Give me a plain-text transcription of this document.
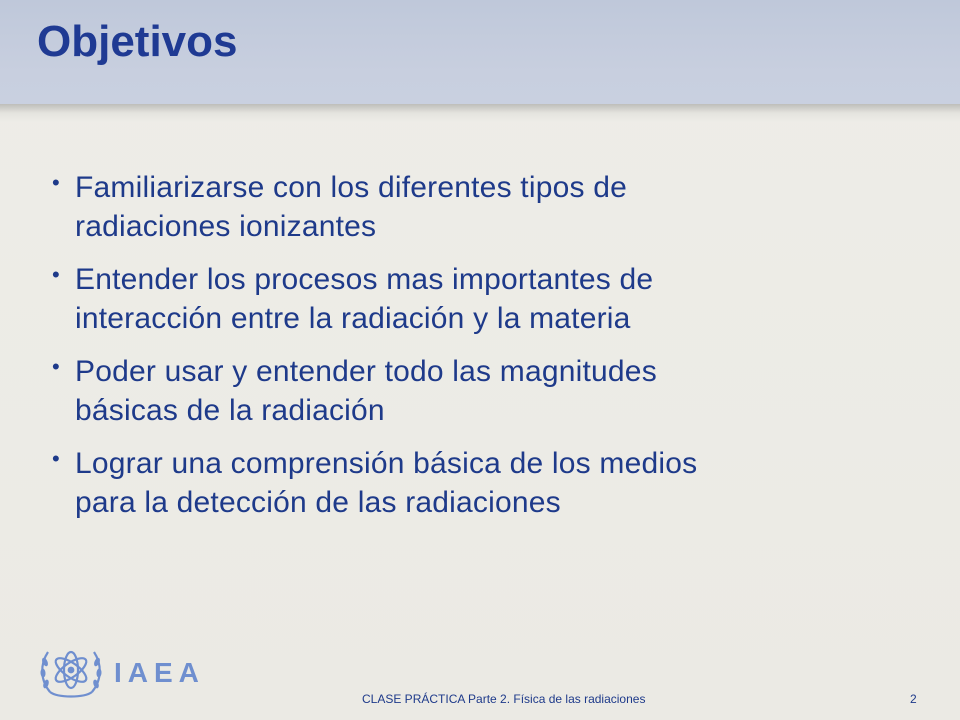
Objetivos
• Familiarizarse con los diferentes tipos de
radiaciones ionizantes
• Entender los procesos mas importantes de
interacción entre la radiación y la materia
• Poder usar y entender todo las magnitudes
básicas de la radiación
• Lograr una comprensión básica de los medios
para la detección de las radiaciones
IAEA
CLASE PRÁCTICA Parte 2. Física de las radiaciones	2
